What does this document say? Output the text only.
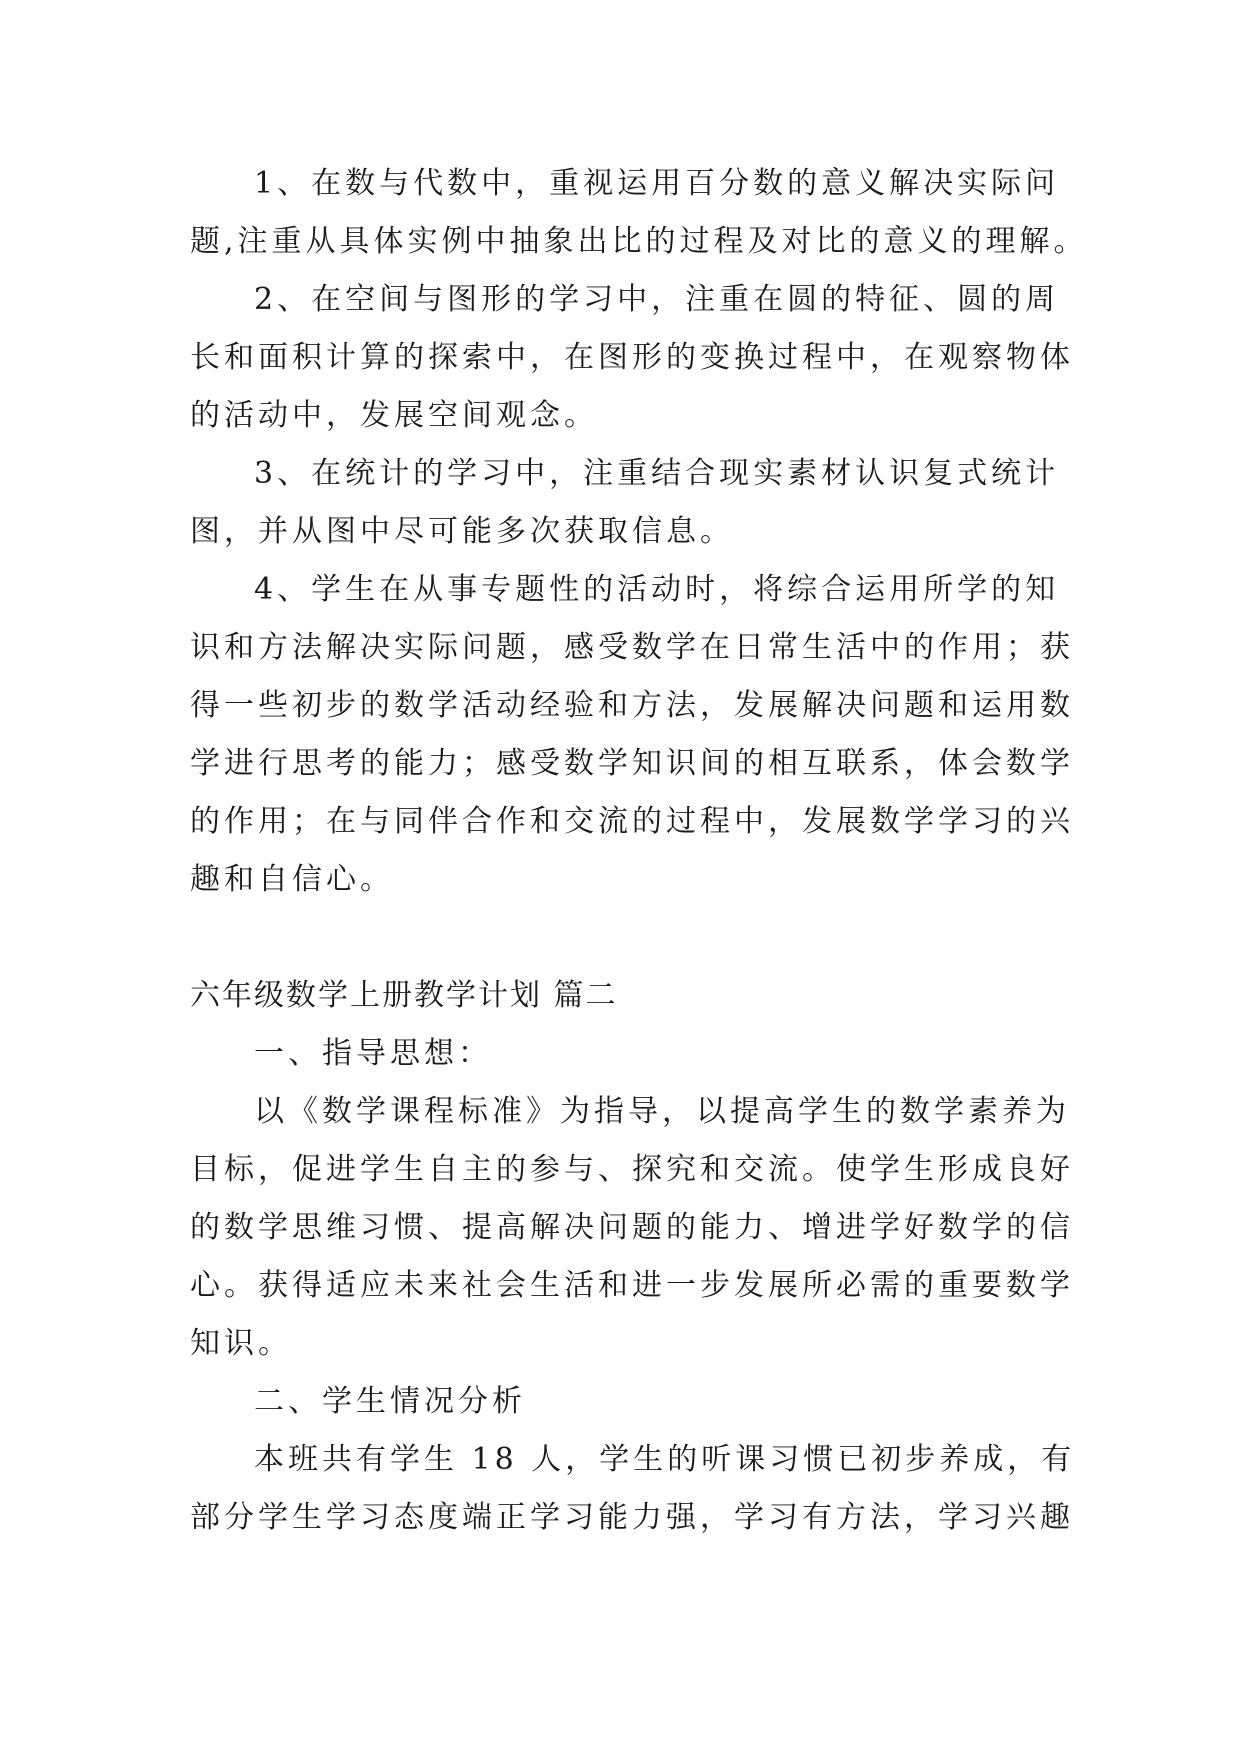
1、在数与代数中，重视运用百分数的意义解决实际问
题,注重从具体实例中抽象出比的过程及对比的意义的理解。
2、在空间与图形的学习中，注重在圆的特征、圆的周
长和面积计算的探索中，在图形的变换过程中，在观察物体
的活动中，发展空间观念。
3、在统计的学习中，注重结合现实素材认识复式统计
图，并从图中尽可能多次获取信息。
4、学生在从事专题性的活动时，将综合运用所学的知
识和方法解决实际问题，感受数学在日常生活中的作用；获
得一些初步的数学活动经验和方法，发展解决问题和运用数
学进行思考的能力；感受数学知识间的相互联系，体会数学
的作用；在与同伴合作和交流的过程中，发展数学学习的兴
趣和自信心。
六年级数学上册教学计划 篇二
一、指导思想：
以《数学课程标准》为指导，以提高学生的数学素养为
目标，促进学生自主的参与、探究和交流。使学生形成良好
的数学思维习惯、提高解决问题的能力、增进学好数学的信
心。获得适应未来社会生活和进一步发展所必需的重要数学
知识。
二、学生情况分析
本班共有学生 18 人，学生的听课习惯已初步养成，有
部分学生学习态度端正学习能力强，学习有方法，学习兴趣
